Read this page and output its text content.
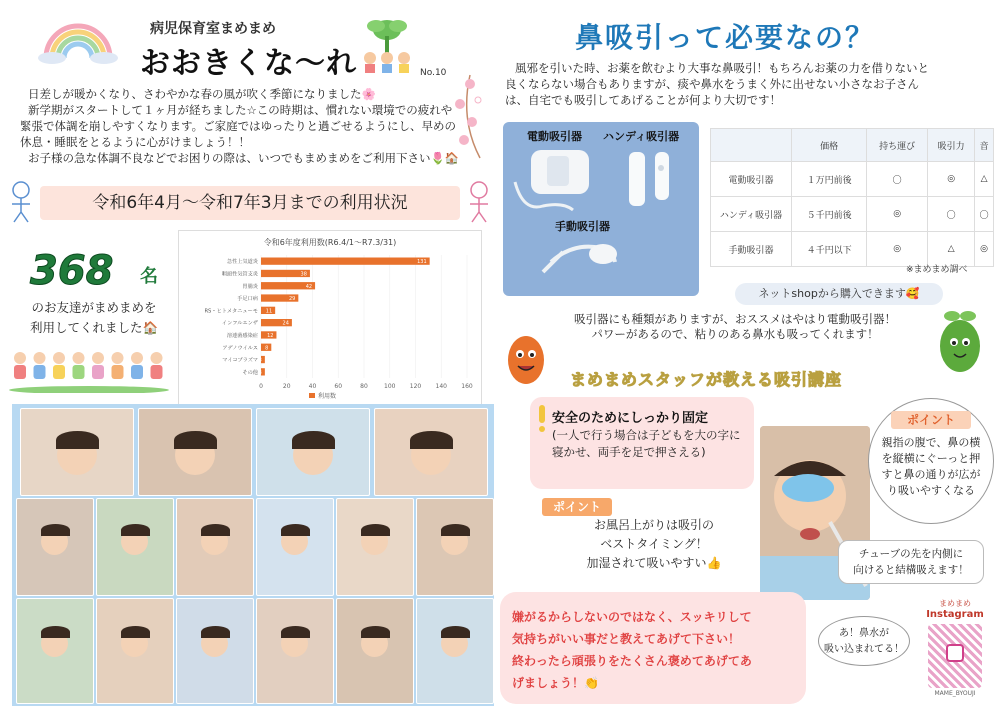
病児保育室まめまめ
おおきくな～れ	No.10

日差しが暖かくなり、さわやかな春の風が吹く季節になりました🌸

新学期がスタートして１ヶ月が経ちました☆この時期は、慣れない環境での疲れや

緊張で体調を崩しやすくなります。ご家庭ではゆったりと過ごせるようにし、早めの

休息・睡眠をとるように心がけましょう！！

お子様の急な体調不良などでお困りの際は、いつでもまめまめをご利用下さい🌷🏠

令和6年4月～令和7年3月までの利用状況
368 名
のお友達がまめまめを
利用してくれました🏠
令和6年度利用数(R6.4/1～R7.3/31)
0	20	40	60	80	100 120 140 160
急性上気道炎	131
咽頭性気管支炎	38
胃腸炎	42
手足口病	29
RS・ヒトメタニューモ 11
インフルエンザ	24
溶連菌感染症 12
アデノウイルス 8
マイコプラズマ 3
その他 3
利用数
鼻吸引って必要なの？

風邪を引いた時、お薬を飲むより大事な鼻吸引！もちろんお薬の力を借りないと

良くならない場合もありますが、痰や鼻水をうまく外に出せない小さなお子さん

は、自宅でも吸引してあげることが何より大切です！

電動吸引器 ハンディ吸引器
手動吸引器
	価格	持ち運び	吸引力	音
電動吸引器	１万円前後	〇	◎	△
ハンディ吸引器	５千円前後	◎	〇	〇
手動吸引器	４千円以下	◎	△	◎
※まめまめ調べ
ネットshopから購入できます🥰

吸引器にも種類がありますが、おススメはやはり電動吸引器！

パワーがあるので、粘りのある鼻水も吸ってくれます！

まめまめスタッフが教える吸引講座
安全のためにしっかり固定
(一人で行う場合は子どもを大の字に寝かせ、両手を足で押さえる)
ポイント

お風呂上がりは吸引の

ベストタイミング！

加湿されて吸いやすい👍

ポイント
親指の腹で、鼻の横を縦横にぐーっと押すと鼻の通りが広がり吸いやすくなる

チューブの先を内側に

向けると結構吸えます！

嫌がるからしないのではなく、スッキリして

気持ちがいい事だと教えてあげて下さい！

終わったら頑張りをたくさん褒めてあげてあ

げましょう！👏

あ！鼻水が

吸い込まれてる！

まめまめ
Instagram
MAME_BYOUJI
